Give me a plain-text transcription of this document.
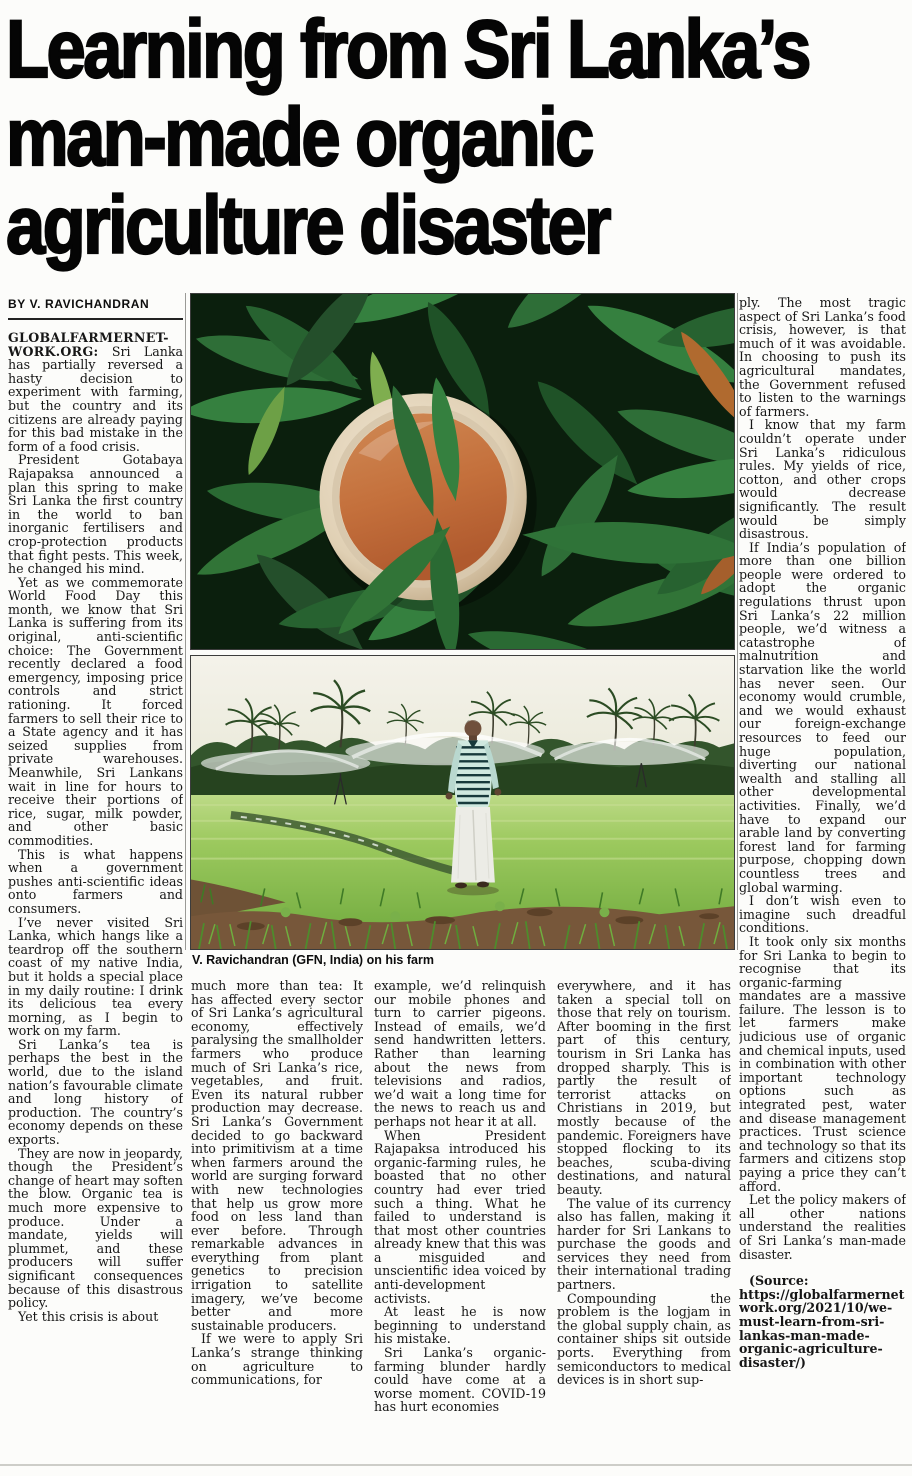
Learning from Sri Lanka’s
man-made organic
agriculture disaster
BY V. RAVICHANDRAN

GLOBALFARMERNET-WORK.ORG: Sri Lanka has partially reversed a hasty decision to experiment with farming, but the country and its citizens are already paying for this bad mistake in the form of a food crisis.

President Gotabaya Rajapaksa announced a plan this spring to make Sri Lanka the first country in the world to ban inorganic fertilisers and crop-protection products that fight pests. This week, he changed his mind.

Yet as we commemorate World Food Day this month, we know that Sri Lanka is suffering from its original, anti-scientific choice: The Government recently declared a food emergency, imposing price controls and strict rationing. It forced farmers to sell their rice to a State agency and it has seized supplies from private warehouses. Meanwhile, Sri Lankans wait in line for hours to receive their portions of rice, sugar, milk powder, and other basic commodities.

This is what happens when a government pushes anti-scientific ideas onto farmers and consumers.

I’ve never visited Sri Lanka, which hangs like a teardrop off the southern coast of my native India, but it holds a special place in my daily routine: I drink its delicious tea every morning, as I begin to work on my farm.

Sri Lanka’s tea is perhaps the best in the world, due to the island nation’s favourable climate and long history of production. The country’s economy depends on these exports.

They are now in jeopardy, though the President’s change of heart may soften the blow. Organic tea is much more expensive to produce. Under a mandate, yields will plummet, and these producers will suffer significant consequences because of this disastrous policy.

Yet this crisis is about

V. Ravichandran (GFN, India) on his farm

much more than tea: It has affected every sector of Sri Lanka’s agricultural economy, effectively paralysing the smallholder farmers who produce much of Sri Lanka’s rice, vegetables, and fruit. Even its natural rubber production may decrease. Sri Lanka’s Government decided to go backward into primitivism at a time when farmers around the world are surging forward with new technologies that help us grow more food on less land than ever before. Through remarkable advances in everything from plant genetics to precision irrigation to satellite imagery, we’ve become better and more sustainable producers.

If we were to apply Sri Lanka’s strange thinking on agriculture to communications, for

example, we’d relinquish our mobile phones and turn to carrier pigeons. Instead of emails, we’d send handwritten letters. Rather than learning about the news from televisions and radios, we’d wait a long time for the news to reach us and perhaps not hear it at all.

When President Rajapaksa introduced his organic-farming rules, he boasted that no other country had ever tried such a thing. What he failed to understand is that most other countries already knew that this was a misguided and unscientific idea voiced by anti-development activists.

At least he is now beginning to understand his mistake.

Sri Lanka’s organic-farming blunder hardly could have come at a worse moment. COVID-19 has hurt economies

everywhere, and it has taken a special toll on those that rely on tourism. After booming in the first part of this century, tourism in Sri Lanka has dropped sharply. This is partly the result of terrorist attacks on Christians in 2019, but mostly because of the pandemic. Foreigners have stopped flocking to its beaches, scuba-diving destinations, and natural beauty.

The value of its currency also has fallen, making it harder for Sri Lankans to purchase the goods and services they need from their international trading partners.

Compounding the problem is the logjam in the global supply chain, as container ships sit outside ports. Everything from semiconductors to medical devices is in short sup-

ply. The most tragic aspect of Sri Lanka’s food crisis, however, is that much of it was avoidable. In choosing to push its agricultural mandates, the Government refused to listen to the warnings of farmers.

I know that my farm couldn’t operate under Sri Lanka’s ridiculous rules. My yields of rice, cotton, and other crops would decrease significantly. The result would be simply disastrous.

If India’s population of more than one billion people were ordered to adopt the organic regulations thrust upon Sri Lanka’s 22 million people, we’d witness a catastrophe of malnutrition and starvation like the world has never seen. Our economy would crumble, and we would exhaust our foreign-exchange resources to feed our huge population, diverting our national wealth and stalling all other developmental activities. Finally, we’d have to expand our arable land by converting forest land for farming purpose, chopping down countless trees and global warming.

I don’t wish even to imagine such dreadful conditions.

It took only six months for Sri Lanka to begin to recognise that its organic-farming mandates are a massive failure. The lesson is to let farmers make judicious use of organic and chemical inputs, used in combination with other important technology options such as integrated pest, water and disease management practices. Trust science and technology so that its farmers and citizens stop paying a price they can’t afford.

Let the policy makers of all other nations understand the realities of Sri Lanka’s man-made disaster.

(Source: https://globalfarmernetwork.org/2021/10/we-must-learn-from-sri-lankas-man-made-organic-agriculture-disaster/)
